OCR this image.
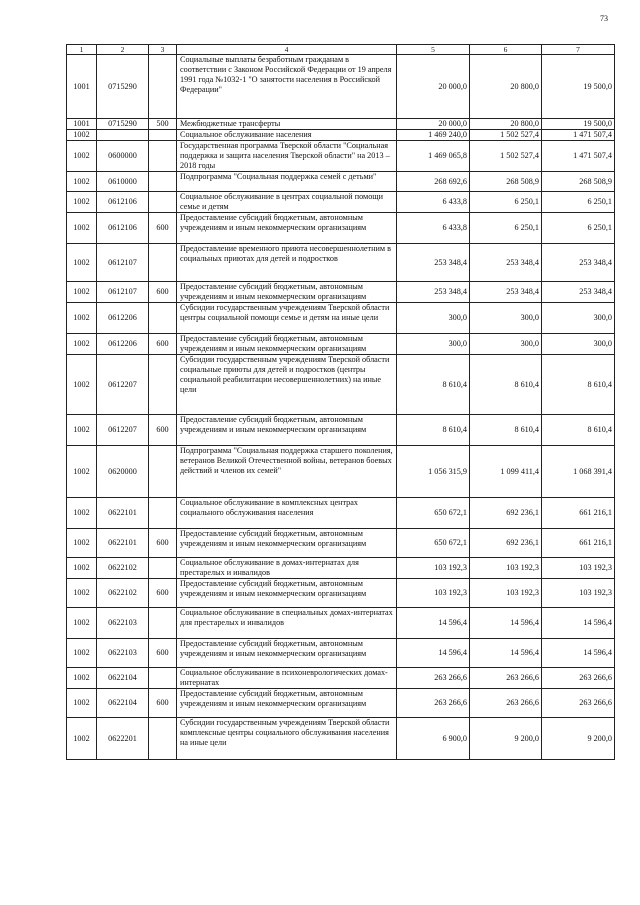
73
1	2	3	4	5	6	7
1001	0715290		Социальные выплаты безработным гражданам в соответствии с Законом Российской Федерации от 19 апреля 1991 года №1032-1 "О занятости населения в Российской Федерации"	20 000,0	20 800,0	19 500,0
1001	0715290	500	Межбюджетные трансферты	20 000,0	20 800,0	19 500,0
1002			Социальное обслуживание населения	1 469 240,0	1 502 527,4	1 471 507,4
1002	0600000		Государственная программа Тверской области "Социальная поддержка и защита населения Тверской области" на 2013 – 2018 годы	1 469 065,8	1 502 527,4	1 471 507,4
1002	0610000		Подпрограмма "Социальная поддержка семей с детьми"	268 692,6	268 508,9	268 508,9
1002	0612106		Социальное обслуживание в центрах социальной помощи семье и детям	6 433,8	6 250,1	6 250,1
1002	0612106	600	Предоставление субсидий бюджетным, автономным учреждениям и иным некоммерческим организациям	6 433,8	6 250,1	6 250,1
1002	0612107		Предоставление временного приюта несовершеннолетним в социальных приютах для детей и подростков	253 348,4	253 348,4	253 348,4
1002	0612107	600	Предоставление субсидий бюджетным, автономным учреждениям и иным некоммерческим организациям	253 348,4	253 348,4	253 348,4
1002	0612206		Субсидии государственным учреждениям Тверской области центры социальной помощи семье и детям на иные цели	300,0	300,0	300,0
1002	0612206	600	Предоставление субсидий бюджетным, автономным учреждениям и иным некоммерческим организациям	300,0	300,0	300,0
1002	0612207		Субсидии государственным учреждениям Тверской области социальные приюты для детей и подростков (центры социальной реабилитации несовершеннолетних) на иные цели	8 610,4	8 610,4	8 610,4
1002	0612207	600	Предоставление субсидий бюджетным, автономным учреждениям и иным некоммерческим организациям	8 610,4	8 610,4	8 610,4
1002	0620000		Подпрограмма "Социальная поддержка старшего поколения, ветеранов Великой Отечественной войны, ветеранов боевых действий и членов их семей"	1 056 315,9	1 099 411,4	1 068 391,4
1002	0622101		Социальное обслуживание в комплексных центрах социального обслуживания населения	650 672,1	692 236,1	661 216,1
1002	0622101	600	Предоставление субсидий бюджетным, автономным учреждениям и иным некоммерческим организациям	650 672,1	692 236,1	661 216,1
1002	0622102		Социальное обслуживание в домах-интернатах для престарелых и инвалидов	103 192,3	103 192,3	103 192,3
1002	0622102	600	Предоставление субсидий бюджетным, автономным учреждениям и иным некоммерческим организациям	103 192,3	103 192,3	103 192,3
1002	0622103		Социальное обслуживание в специальных домах-интернатах для престарелых и инвалидов	14 596,4	14 596,4	14 596,4
1002	0622103	600	Предоставление субсидий бюджетным, автономным учреждениям и иным некоммерческим организациям	14 596,4	14 596,4	14 596,4
1002	0622104		Социальное обслуживание в психоневрологических домах-интернатах	263 266,6	263 266,6	263 266,6
1002	0622104	600	Предоставление субсидий бюджетным, автономным учреждениям и иным некоммерческим организациям	263 266,6	263 266,6	263 266,6
1002	0622201		Субсидии государственным учреждениям Тверской области комплексные центры социального обслуживания населения на иные цели	6 900,0	9 200,0	9 200,0
